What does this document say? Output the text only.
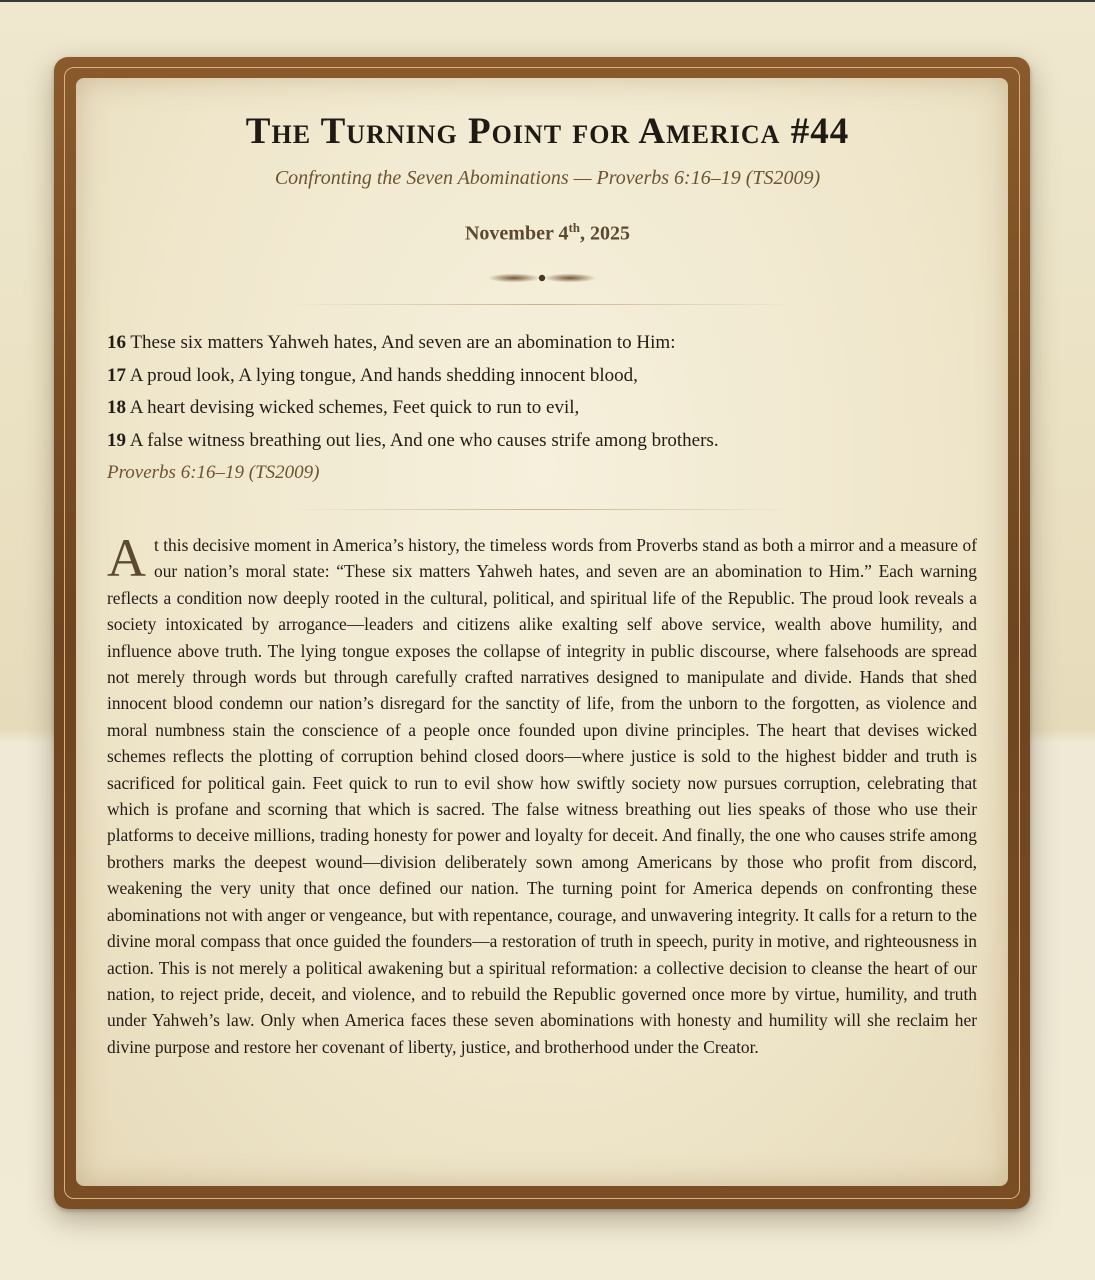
The Turning Point for America #44
Confronting the Seven Abominations — Proverbs 6:16–19 (TS2009)
November 4th, 2025
16 These six matters Yahweh hates, And seven are an abomination to Him:
17 A proud look, A lying tongue, And hands shedding innocent blood,
18 A heart devising wicked schemes, Feet quick to run to evil,
19 A false witness breathing out lies, And one who causes strife among brothers.
Proverbs 6:16–19 (TS2009)
At this decisive moment in America’s history, the timeless words from Proverbs stand as both a mirror and a measure of our nation’s moral state: “These six matters Yahweh hates, and seven are an abomination to Him.” Each warning reflects a condition now deeply rooted in the cultural, political, and spiritual life of the Republic. The proud look reveals a society intoxicated by arrogance—leaders and citizens alike exalting self above service, wealth above humility, and influence above truth. The lying tongue exposes the collapse of integrity in public discourse, where falsehoods are spread not merely through words but through carefully crafted narratives designed to manipulate and divide. Hands that shed innocent blood condemn our nation’s disregard for the sanctity of life, from the unborn to the forgotten, as violence and moral numbness stain the conscience of a people once founded upon divine principles. The heart that devises wicked schemes reflects the plotting of corruption behind closed doors—where justice is sold to the highest bidder and truth is sacrificed for political gain. Feet quick to run to evil show how swiftly society now pursues corruption, celebrating that which is profane and scorning that which is sacred. The false witness breathing out lies speaks of those who use their platforms to deceive millions, trading honesty for power and loyalty for deceit. And finally, the one who causes strife among brothers marks the deepest wound—division deliberately sown among Americans by those who profit from discord, weakening the very unity that once defined our nation. The turning point for America depends on confronting these abominations not with anger or vengeance, but with repentance, courage, and unwavering integrity. It calls for a return to the divine moral compass that once guided the founders—a restoration of truth in speech, purity in motive, and righteousness in action. This is not merely a political awakening but a spiritual reformation: a collective decision to cleanse the heart of our nation, to reject pride, deceit, and violence, and to rebuild the Republic governed once more by virtue, humility, and truth under Yahweh’s law. Only when America faces these seven abominations with honesty and humility will she reclaim her divine purpose and restore her covenant of liberty, justice, and brotherhood under the Creator.
